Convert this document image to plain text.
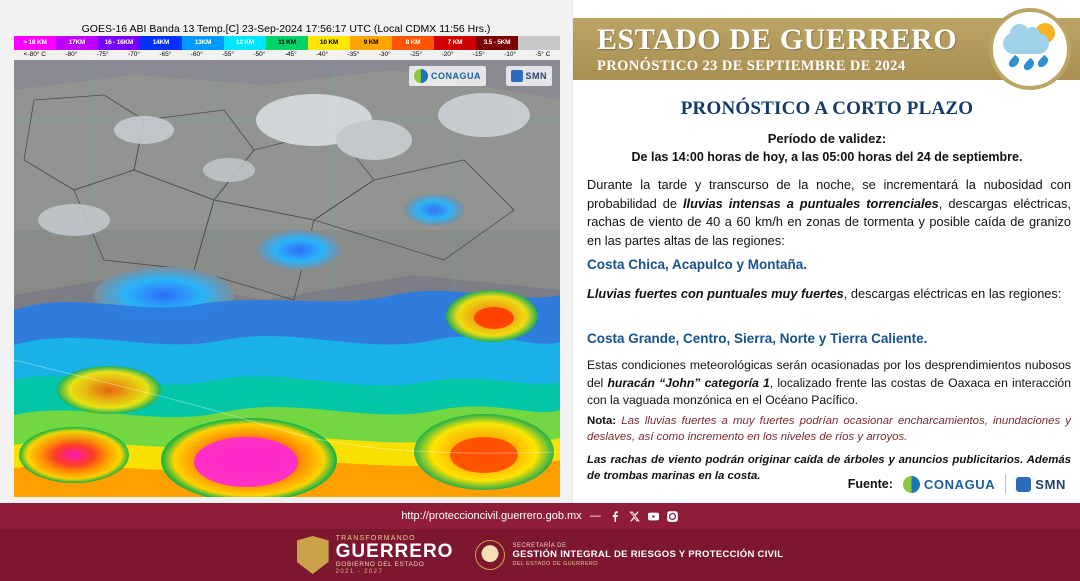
GOES-16 ABI Banda 13 Temp.[C] 23-Sep-2024 17:56:17 UTC (Local CDMX 11:56 Hrs.)
> 18 KM	17KM	16 - 16KM	14KM	13KM	12 KM	11 KM	10 KM	9 KM	8 KM	7 KM	3.5 - 5KM
<-80° C	-80°	-75°	-70°	-65°	-60°	-55°	-50°	-45°	-40°	-35°	-30°	-25°	-20°	-15°	-10°	-5° C
CONAGUA	SMN
ESTADO DE GUERRERO
PRONÓSTICO 23 DE SEPTIEMBRE DE 2024
PRONÓSTICO A CORTO PLAZO
Período de validez:
De las 14:00 horas de hoy, a las 05:00 horas del 24 de septiembre.

Durante la tarde y transcurso de la noche, se incrementará la nubosidad con probabilidad de lluvias intensas a puntuales torrenciales, descargas eléctricas, rachas de viento de 40 a 60 km/h en zonas de tormenta y posible caída de granizo en las partes altas de las regiones:

Costa Chica, Acapulco y Montaña.

Lluvias fuertes con puntuales muy fuertes, descargas eléctricas en las regiones:

Costa Grande, Centro, Sierra, Norte y Tierra Caliente.

Estas condiciones meteorológicas serán ocasionadas por los desprendimientos nubosos del huracán “John” categoría 1, localizado frente las costas de Oaxaca en interacción con la vaguada monzónica en el Océano Pacífico.

Nota: Las lluvias fuertes a muy fuertes podrían ocasionar encharcamientos, inundaciones y deslaves, así como incremento en los niveles de ríos y arroyos.

Las rachas de viento podrán originar caída de árboles y anuncios publicitarios. Además de trombas marinas en la costa.

Fuente: CONAGUA	SMN
http://proteccioncivil.guerrero.gob.mx —
TRANSFORMANDO
GUERRERO
GOBIERNO DEL ESTADO
2021 - 2027
SECRETARÍA DE
GESTIÓN INTEGRAL DE RIESGOS Y PROTECCIÓN CIVIL
DEL ESTADO DE GUERRERO
